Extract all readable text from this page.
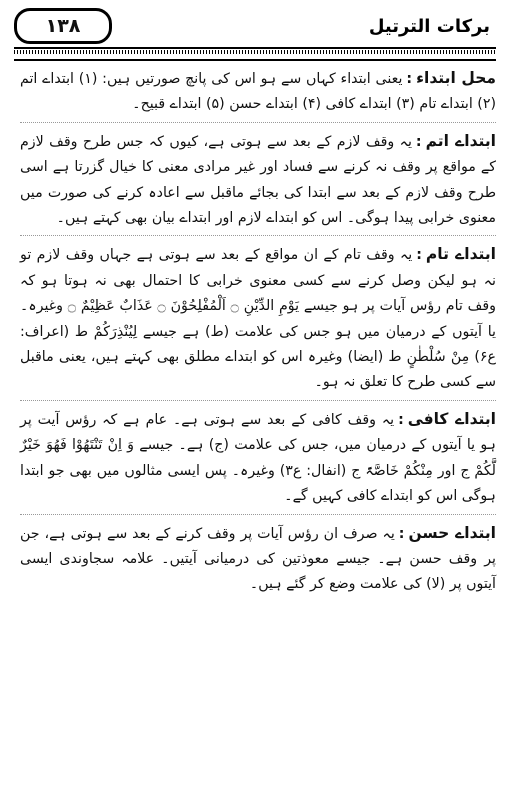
۱۳۸	برکات الترتیل

محل ابتداء:یعنی ابتداء کہاں سے ہو اس کی پانچ صورتیں ہیں: (۱) ابتداے اتم (۲) ابتداے تام (۳) ابتداے کافی (۴) ابتداے حسن (۵) ابتداے قبیح۔

ابتداے اتم:یہ وقف لازم کے بعد سے ہوتی ہے، کیوں کہ جس طرح وقف لازم کے مواقع پر وقف نہ کرنے سے فساد اور غیر مرادی معنی کا خیال گزرتا ہے اسی طرح وقف لازم کے بعد سے ابتدا کی بجائے ماقبل سے اعادہ کرنے کی صورت میں معنوی خرابی پیدا ہوگی۔ اس کو ابتداے لازم اور ابتداے بیان بھی کہتے ہیں۔

ابتداے تام:یہ وقف تام کے ان مواقع کے بعد سے ہوتی ہے جہاں وقف لازم تو نہ ہو لیکن وصل کرنے سے کسی معنوی خرابی کا احتمال بھی نہ ہوتا ہو کہ وقف تام رؤس آیات پر ہو جیسے یَوْمِ الدِّیْنِ ۝ اَلْمُفْلِحُوْنَ ۝ عَذَابٌ عَظِیْمٌ ۝ وغیرہ۔ یا آیتوں کے درمیان میں ہو جس کی علامت (ط) ہے جیسے لِیُنْذِرَکُمْ ط (اعراف: ع۶) مِنْ سُلْطٰنٍ ط (ایضا) وغیرہ اس کو ابتداے مطلق بھی کہتے ہیں، یعنی ماقبل سے کسی طرح کا تعلق نہ ہو۔

ابتداے کافی:یہ وقف کافی کے بعد سے ہوتی ہے۔ عام ہے کہ رؤس آیت پر ہو یا آیتوں کے درمیان میں، جس کی علامت (ج) ہے۔ جیسے وَ اِنْ تَنْتَھُوْا فَھُوَ خَیْرٌ لَّکُمْ ج اور مِنْکُمْ خَاصَّۃً ج (انفال: ع۳) وغیرہ۔ پس ایسی مثالوں میں بھی جو ابتدا ہوگی اس کو ابتداے کافی کہیں گے۔

ابتداے حسن:یہ صرف ان رؤس آیات پر وقف کرنے کے بعد سے ہوتی ہے، جن پر وقف حسن ہے۔ جیسے معوذتین کی درمیانی آیتیں۔ علامہ سجاوندی ایسی آیتوں پر (لا) کی علامت وضع کر گئے ہیں۔
